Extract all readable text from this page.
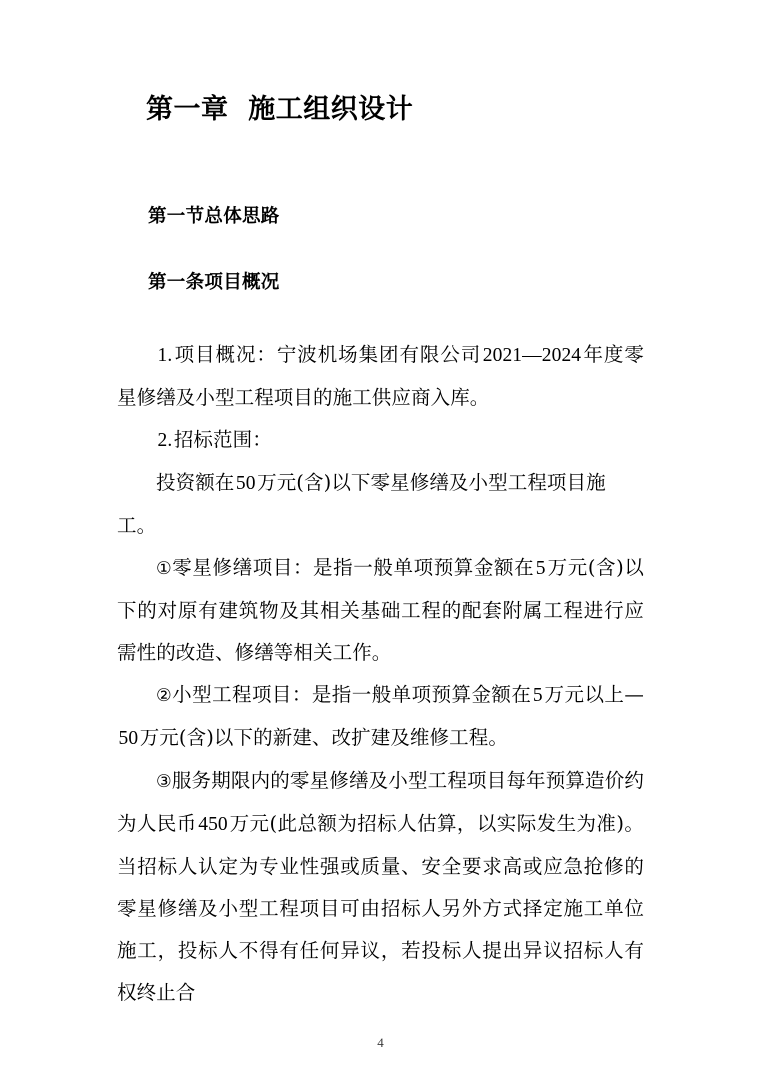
第一章  施工组织设计
第一节总体思路
第一条项目概况

1.项目概况：宁波机场集团有限公司2021—2024年度零星修缮及小型工程项目的施工供应商入库。

2.招标范围：

投资额在50万元(含)以下零星修缮及小型工程项目施工。

①零星修缮项目：是指一般单项预算金额在5万元(含)以下的对原有建筑物及其相关基础工程的配套附属工程进行应需性的改造、修缮等相关工作。

②小型工程项目：是指一般单项预算金额在5万元以上—50万元(含)以下的新建、改扩建及维修工程。

③服务期限内的零星修缮及小型工程项目每年预算造价约为人民币450万元(此总额为招标人估算，以实际发生为准)。当招标人认定为专业性强或质量、安全要求高或应急抢修的零星修缮及小型工程项目可由招标人另外方式择定施工单位施工，投标人不得有任何异议，若投标人提出异议招标人有权终止合

4
